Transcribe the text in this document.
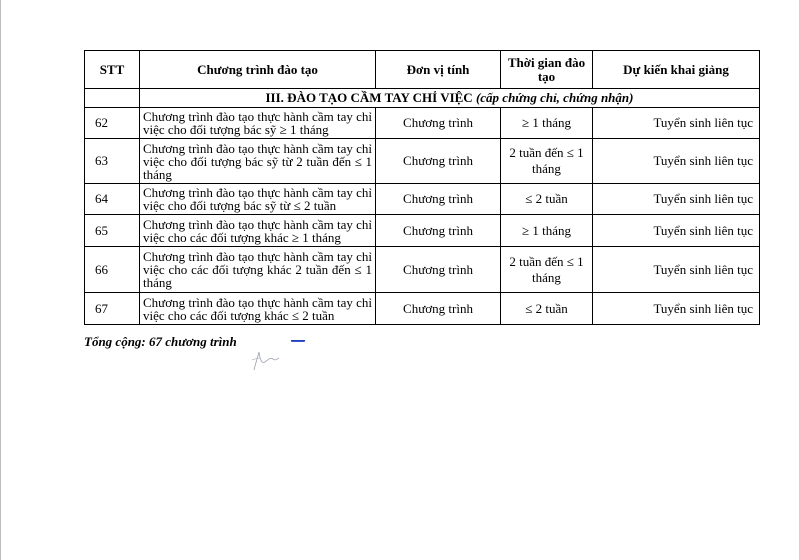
STT	Chương trình đào tạo	Đơn vị tính	Thời gian đào tạo	Dự kiến khai giảng
	III. ĐÀO TẠO CẦM TAY CHỈ VIỆC (cấp chứng chỉ, chứng nhận)			
62	Chương trình đào tạo thực hành cầm tay chỉ việc cho đối tượng bác sỹ ≥ 1 tháng	Chương trình	≥ 1 tháng	Tuyển sinh liên tục
63	Chương trình đào tạo thực hành cầm tay chỉ việc cho đối tượng bác sỹ từ 2 tuần đến ≤ 1 tháng	Chương trình	2 tuần đến ≤ 1 tháng	Tuyển sinh liên tục
64	Chương trình đào tạo thực hành cầm tay chỉ việc cho đối tượng bác sỹ từ ≤ 2 tuần	Chương trình	≤ 2 tuần	Tuyển sinh liên tục
65	Chương trình đào tạo thực hành cầm tay chỉ việc cho các đối tượng khác ≥ 1 tháng	Chương trình	≥ 1 tháng	Tuyển sinh liên tục
66	Chương trình đào tạo thực hành cầm tay chỉ việc cho các đối tượng khác 2 tuần đến ≤ 1 tháng	Chương trình	2 tuần đến ≤ 1 tháng	Tuyển sinh liên tục
67	Chương trình đào tạo thực hành cầm tay chỉ việc cho các đối tượng khác ≤ 2 tuần	Chương trình	≤ 2 tuần	Tuyển sinh liên tục
Tổng cộng: 67 chương trình
